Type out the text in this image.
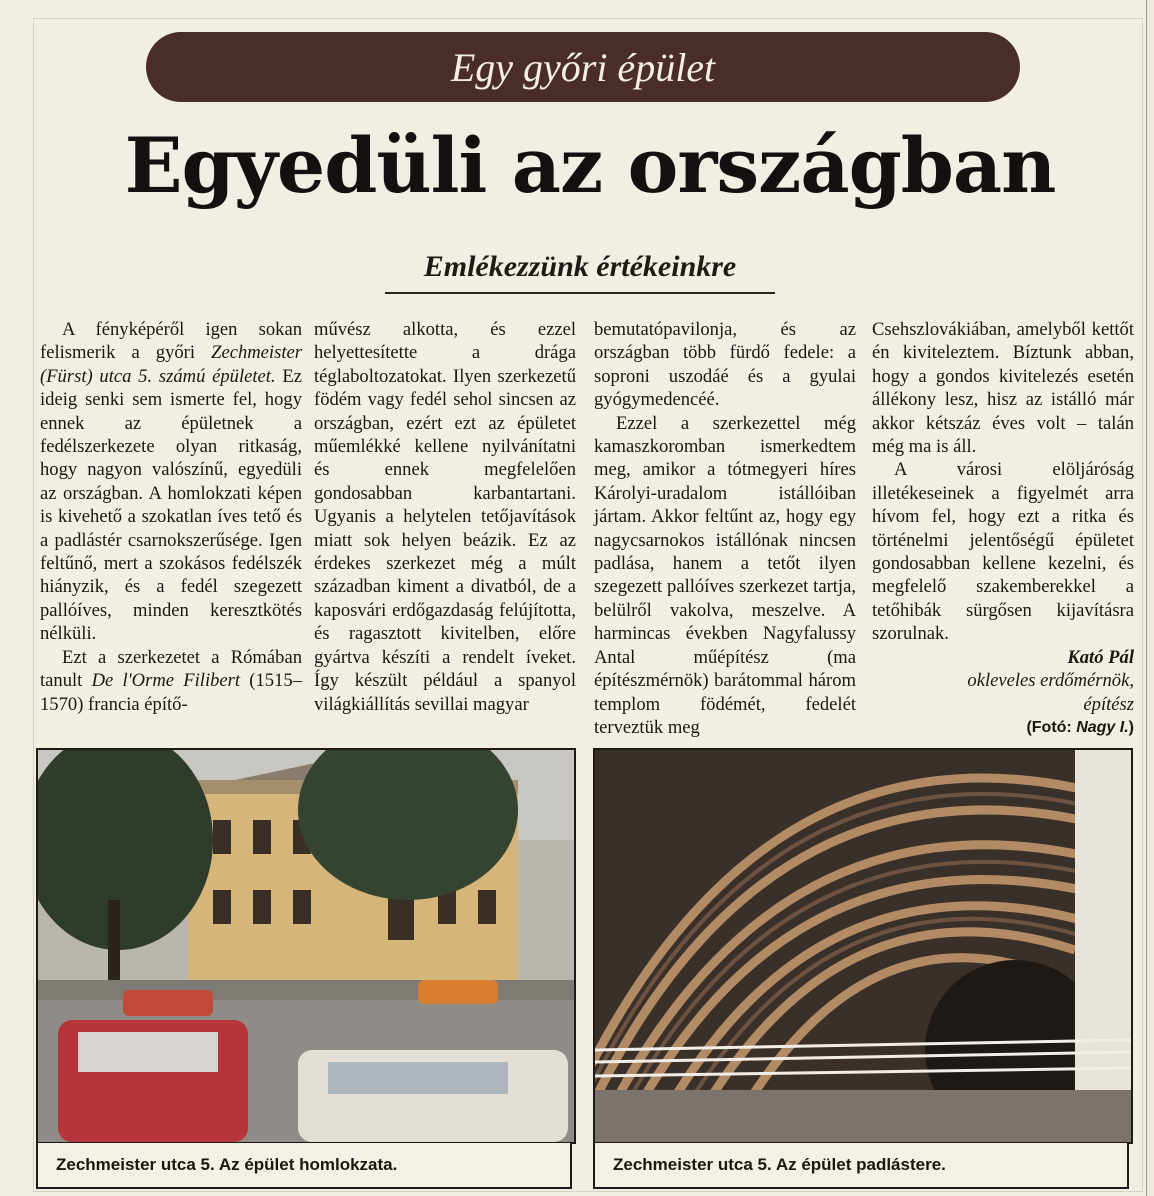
Egy győri épület
Egyedüli az országban
Emlékezzünk értékeinkre

A fényképéről igen sokan felismerik a győri Zechmeister (Fürst) utca 5. számú épületet. Ez ideig senki sem ismerte fel, hogy ennek az épületnek a fedélszerkezete olyan ritkaság, hogy nagyon valószínű, egyedüli az országban. A homlokzati képen is kivehető a szokatlan íves tető és a padlástér csarnokszerűsége. Igen feltűnő, mert a szokásos fedélszék hiányzik, és a fedél szegezett pallóíves, minden keresztkötés nélküli.

Ezt a szerkezetet a Rómában tanult De l'Orme Filibert (1515–1570) francia építő-

művész alkotta, és ezzel helyettesítette a drága téglaboltozatokat. Ilyen szerkezetű födém vagy fedél sehol sincsen az országban, ezért ezt az épületet műemlékké kellene nyilvánítatni és ennek megfelelően gondosabban karbantartani. Ugyanis a helytelen tetőjavítások miatt sok helyen beázik. Ez az érdekes szerkezet még a múlt században kiment a divatból, de a kaposvári erdőgazdaság felújította, és ragasztott kivitelben, előre gyártva készíti a rendelt íveket. Így készült például a spanyol világkiállítás sevillai magyar

bemutatópavilonja, és az országban több fürdő fedele: a soproni uszodáé és a gyulai gyógymedencéé.

Ezzel a szerkezettel még kamaszkoromban ismerkedtem meg, amikor a tótmegyeri híres Károlyi-uradalom istállóiban jártam. Akkor feltűnt az, hogy egy nagycsarnokos istállónak nincsen padlása, hanem a tetőt ilyen szegezett pallóíves szerkezet tartja, belülről vakolva, meszelve. A harmincas években Nagyfalussy Antal műépítész (ma építészmérnök) barátommal három templom födémét, fedelét terveztük meg

Csehszlovákiában, amelyből kettőt én kiviteleztem. Bíztunk abban, hogy a gondos kivitelezés esetén állékony lesz, hisz az istálló már akkor kétszáz éves volt – talán még ma is áll.

A városi elöljáróság illetékeseinek a figyelmét arra hívom fel, hogy ezt a ritka és történelmi jelentőségű épületet gondosabban kellene kezelni, és megfelelő szakemberekkel a tetőhibák sürgősen kijavításra szorulnak.

Kató Pál
okleveles erdőmérnök,
építész
(Fotó: Nagy I.)
Zechmeister utca 5. Az épület homlokzata.	Zechmeister utca 5. Az épület padlástere.
